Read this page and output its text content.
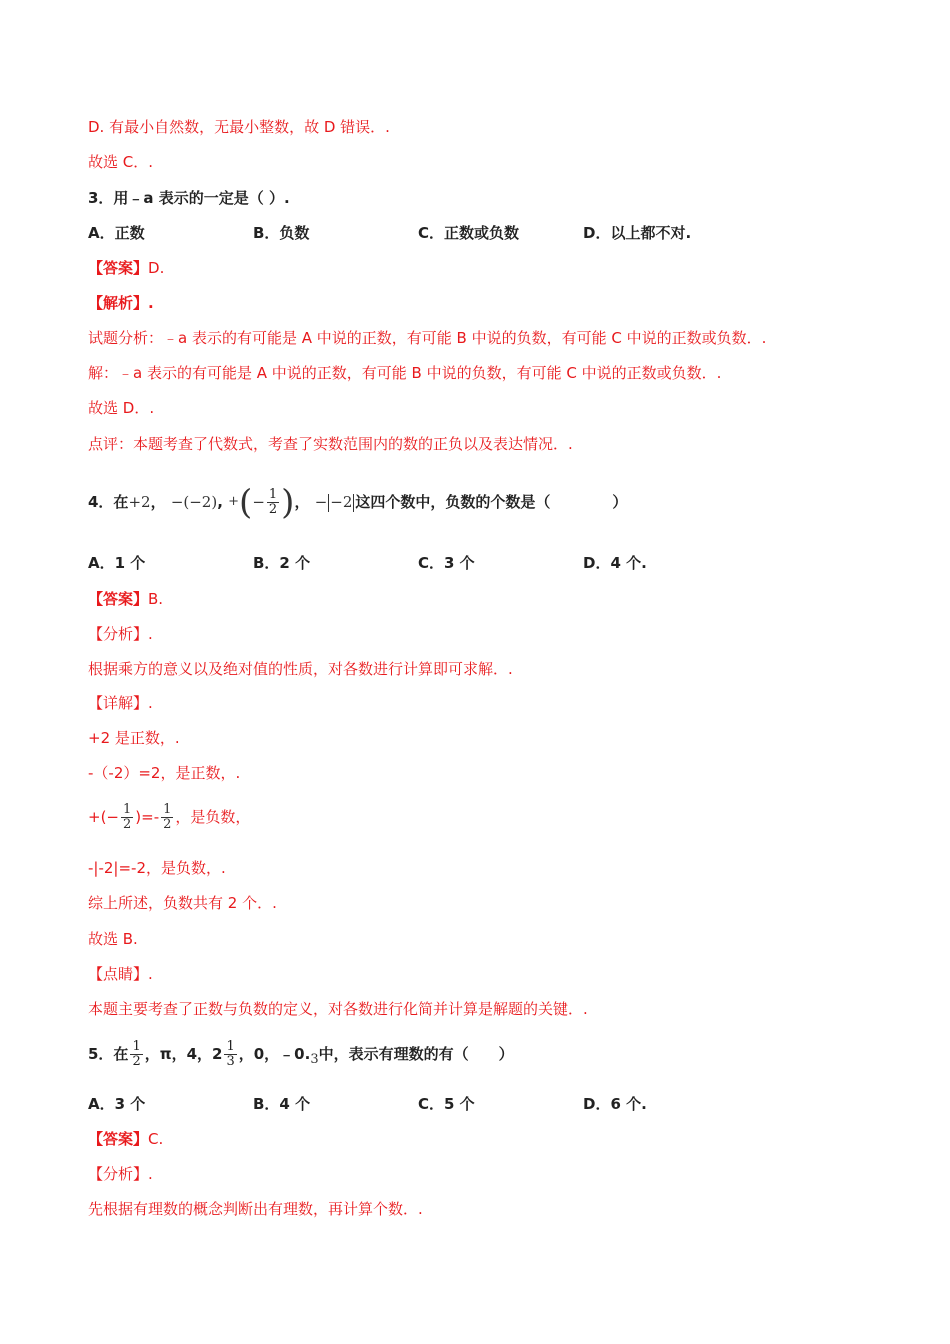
D. 有最小自然数，无最小整数，故 D 错误．.
故选 C．.
3．用﹣a 表示的一定是（ ）.
A．正数	B．负数	C．正数或负数	D．以上都不对.
【答案】D.
【解析】.
试题分析：﹣a 表示的有可能是 A 中说的正数，有可能 B 中说的负数，有可能 C 中说的正数或负数．.
解：﹣a 表示的有可能是 A 中说的正数，有可能 B 中说的负数，有可能 C 中说的正数或负数．.
故选 D．.
点评：本题考查了代数式，考查了实数范围内的数的正负以及表达情况．.
4．在+2， −(−2), +(− $\frac{1}{2}$ )， − −2 这四个数中，负数的个数是（	）
A．1 个	B．2 个	C．3 个	D．4 个.
【答案】B.
【分析】.
根据乘方的意义以及绝对值的性质，对各数进行计算即可求解．.
【详解】.
+2 是正数，.
-（-2）=2，是正数，.
+(− $\frac{1}{2}$ )=- $\frac{1}{2}$ ，是负数，
-|-2|=-2，是负数，.
综上所述，负数共有 2 个．.
故选 B.
【点睛】.
本题主要考查了正数与负数的定义，对各数进行化简并计算是解题的关键．.
5．在 $\frac{1}{2}$ ，π，4，$2 \frac{1}{3}$ ，0，﹣0.3中，表示有理数的有（　　）
A．3 个	B．4 个	C．5 个	D．6 个.
【答案】C.
【分析】.
先根据有理数的概念判断出有理数，再计算个数．.
